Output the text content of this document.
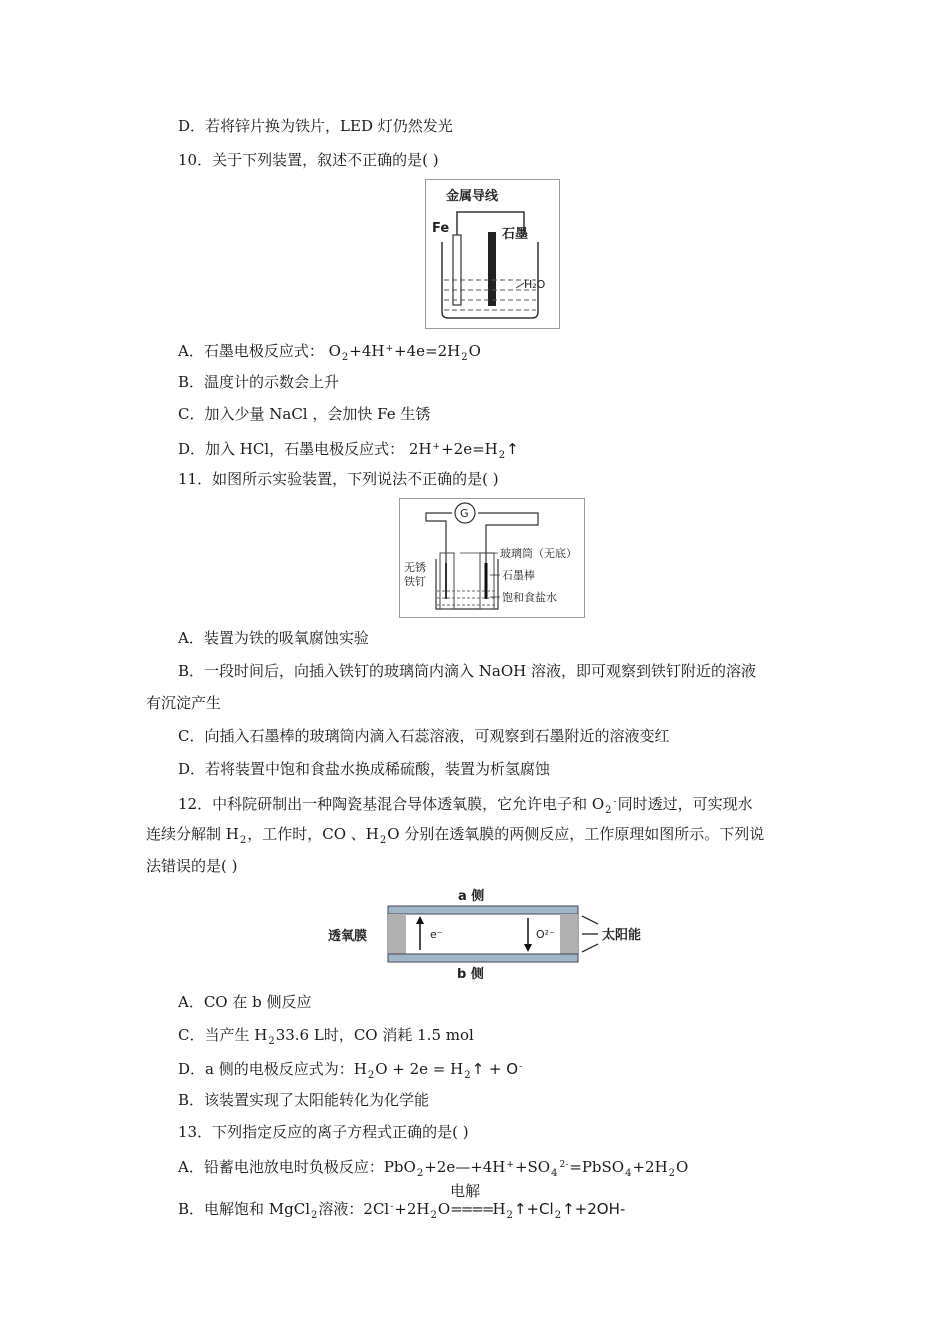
D．若将锌片换为铁片，LED 灯仍然发光
10．关于下列装置，叙述不正确的是( )
金属导线
Fe	石墨
H₂O
A．石墨电极反应式： $O_2+4H^++4e=2H_2O$
B．温度计的示数会上升
C．加入少量 NaCl ，会加快 Fe 生锈
D．加入 HCl，石墨电极反应式： $2H^++2e=H_2↑$
11．如图所示实验装置，下列说法不正确的是( )
G
玻璃筒（无底）
无锈
铁钉	石墨棒
饱和食盐水
A．装置为铁的吸氧腐蚀实验
B．一段时间后，向插入铁钉的玻璃筒内滴入 NaOH 溶液，即可观察到铁钉附近的溶液
有沉淀产生
C．向插入石墨棒的玻璃筒内滴入石蕊溶液，可观察到石墨附近的溶液变红
D．若将装置中饱和食盐水换成稀硫酸，装置为析氢腐蚀
12．中科院研制出一种陶瓷基混合导体透氧膜，它允许电子和 $O_2^-$同时透过，可实现水
连续分解制 $H_2$，工作时，CO 、$H_2O$ 分别在透氧膜的两侧反应，工作原理如图所示。下列说
法错误的是( )
a 侧
b 侧
透氧膜	e⁻	O²⁻	太阳能
A．CO 在 b 侧反应
C．当产生 $H_233.6$ L时，CO 消耗 1.5 mol
D．a 侧的电极反应式为：$H_2O + 2e$ = $H_2↑ + O^-$
B．该装置实现了太阳能转化为化学能
13．下列指定反应的离子方程式正确的是( )
A．铅蓄电池放电时负极反应：$PbO_2+2e—+4H^++SO_4^{2-}=PbSO_4+2H_2O$
B．电解饱和 MgCl$_2$溶液：$2Cl^-+2H_2O$
电解
$====H_2↑+Cl_2↑+2OH-$
